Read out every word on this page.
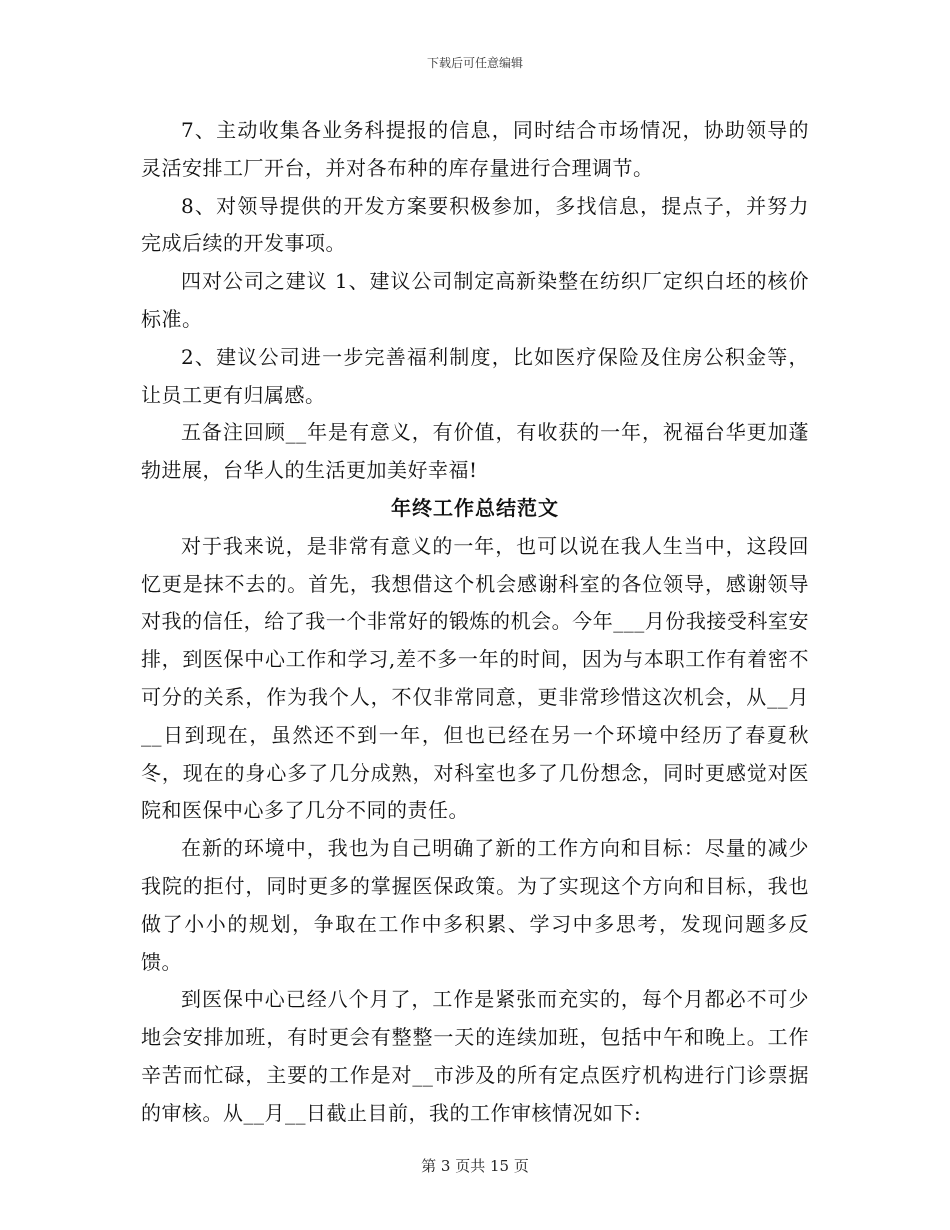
下载后可任意编辑

7、主动收集各业务科提报的信息，同时结合市场情况，协助领导的灵活安排工厂开台，并对各布种的库存量进行合理调节。

8、对领导提供的开发方案要积极参加，多找信息，提点子，并努力完成后续的开发事项。

四对公司之建议 1、建议公司制定高新染整在纺织厂定织白坯的核价标准。

2、建议公司进一步完善福利制度，比如医疗保险及住房公积金等，让员工更有归属感。

五备注回顾__年是有意义，有价值，有收获的一年，祝福台华更加蓬勃进展，台华人的生活更加美好幸福!

年终工作总结范文

对于我来说，是非常有意义的一年，也可以说在我人生当中，这段回忆更是抹不去的。首先，我想借这个机会感谢科室的各位领导，感谢领导对我的信任，给了我一个非常好的锻炼的机会。今年___月份我接受科室安排，到医保中心工作和学习,差不多一年的时间，因为与本职工作有着密不可分的关系，作为我个人，不仅非常同意，更非常珍惜这次机会，从__月__日到现在，虽然还不到一年，但也已经在另一个环境中经历了春夏秋冬，现在的身心多了几分成熟，对科室也多了几份想念，同时更感觉对医院和医保中心多了几分不同的责任。

在新的环境中，我也为自己明确了新的工作方向和目标：尽量的减少我院的拒付，同时更多的掌握医保政策。为了实现这个方向和目标，我也做了小小的规划，争取在工作中多积累、学习中多思考，发现问题多反馈。

到医保中心已经八个月了，工作是紧张而充实的，每个月都必不可少地会安排加班，有时更会有整整一天的连续加班，包括中午和晚上。工作辛苦而忙碌，主要的工作是对__市涉及的所有定点医疗机构进行门诊票据的审核。从__月__日截止目前，我的工作审核情况如下:

第 3 页共 15 页
